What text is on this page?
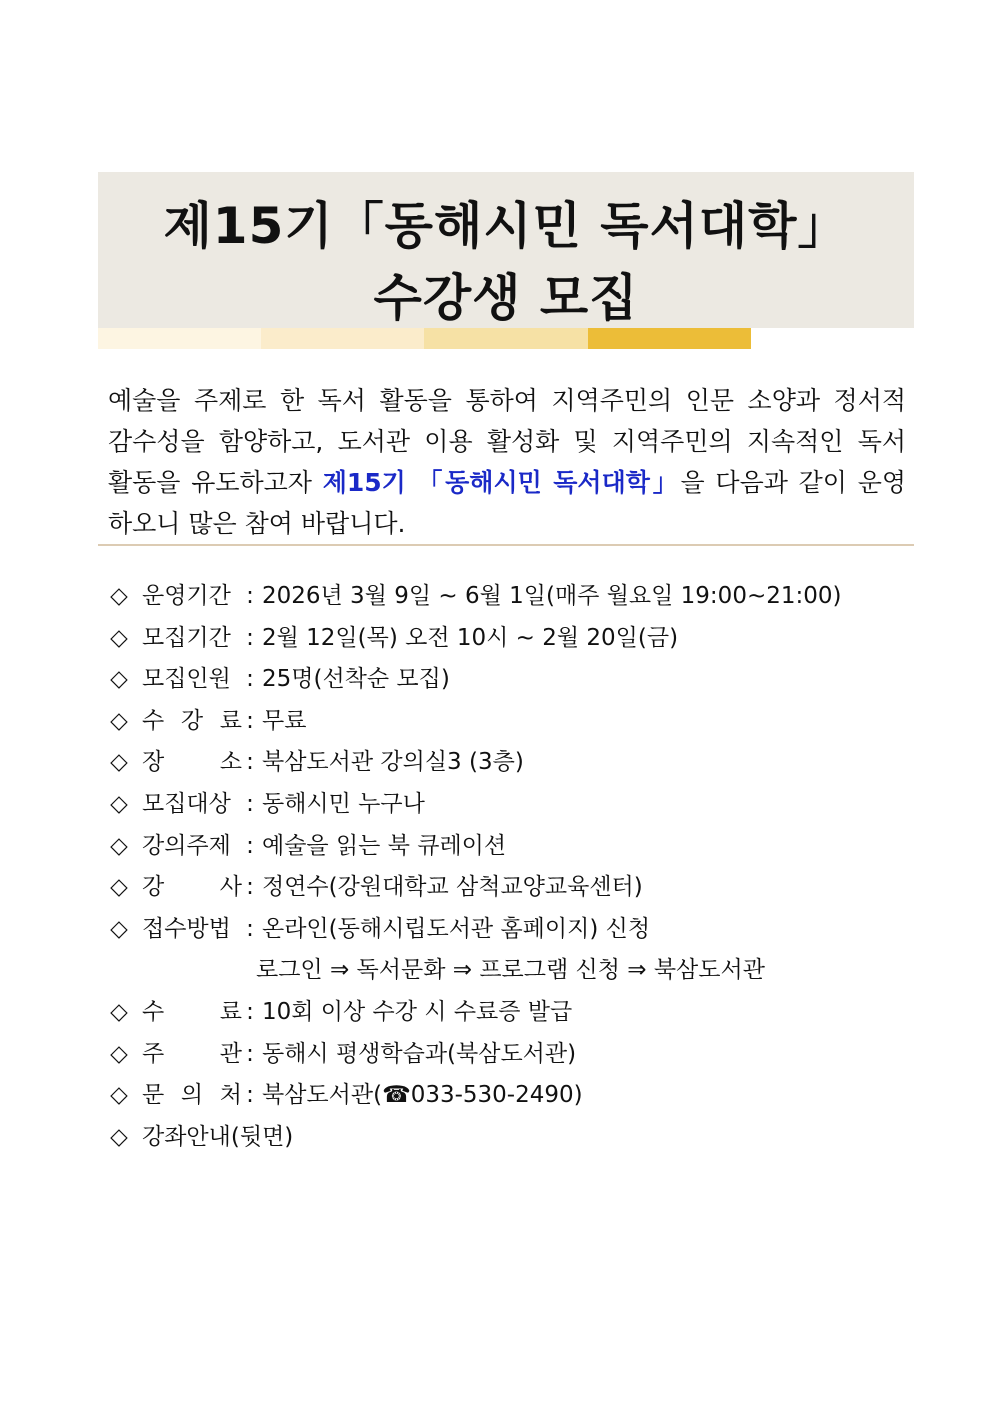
제15기「동해시민 독서대학」
수강생 모집

예술을 주제로 한 독서 활동을 통하여 지역주민의 인문 소양과 정서적

감수성을 함양하고, 도서관 이용 활성화 및 지역주민의 지속적인 독서

활동을 유도하고자 제15기 「동해시민 독서대학」을 다음과 같이 운영

하오니 많은 참여 바랍니다.

◇ 운영기간 : 2026년 3월 9일 ~ 6월 1일(매주 월요일 19:00~21:00)
◇ 모집기간 : 2월 12일(목) 오전 10시 ~ 2월 20일(금)
◇ 모집인원 : 25명(선착순 모집)
◇ 수 강 료 : 무료
◇ 장 소 : 북삼도서관 강의실3 (3층)
◇ 모집대상 : 동해시민 누구나
◇ 강의주제 : 예술을 읽는 북 큐레이션
◇ 강 사 : 정연수(강원대학교 삼척교양교육센터)
◇ 접수방법 : 온라인(동해시립도서관 홈페이지) 신청
로그인 ⇒ 독서문화 ⇒ 프로그램 신청 ⇒ 북삼도서관
◇ 수 료 : 10회 이상 수강 시 수료증 발급
◇ 주 관 : 동해시 평생학습과(북삼도서관)
◇ 문 의 처 : 북삼도서관(☎033-530-2490)
◇ 강좌안내(뒷면)
